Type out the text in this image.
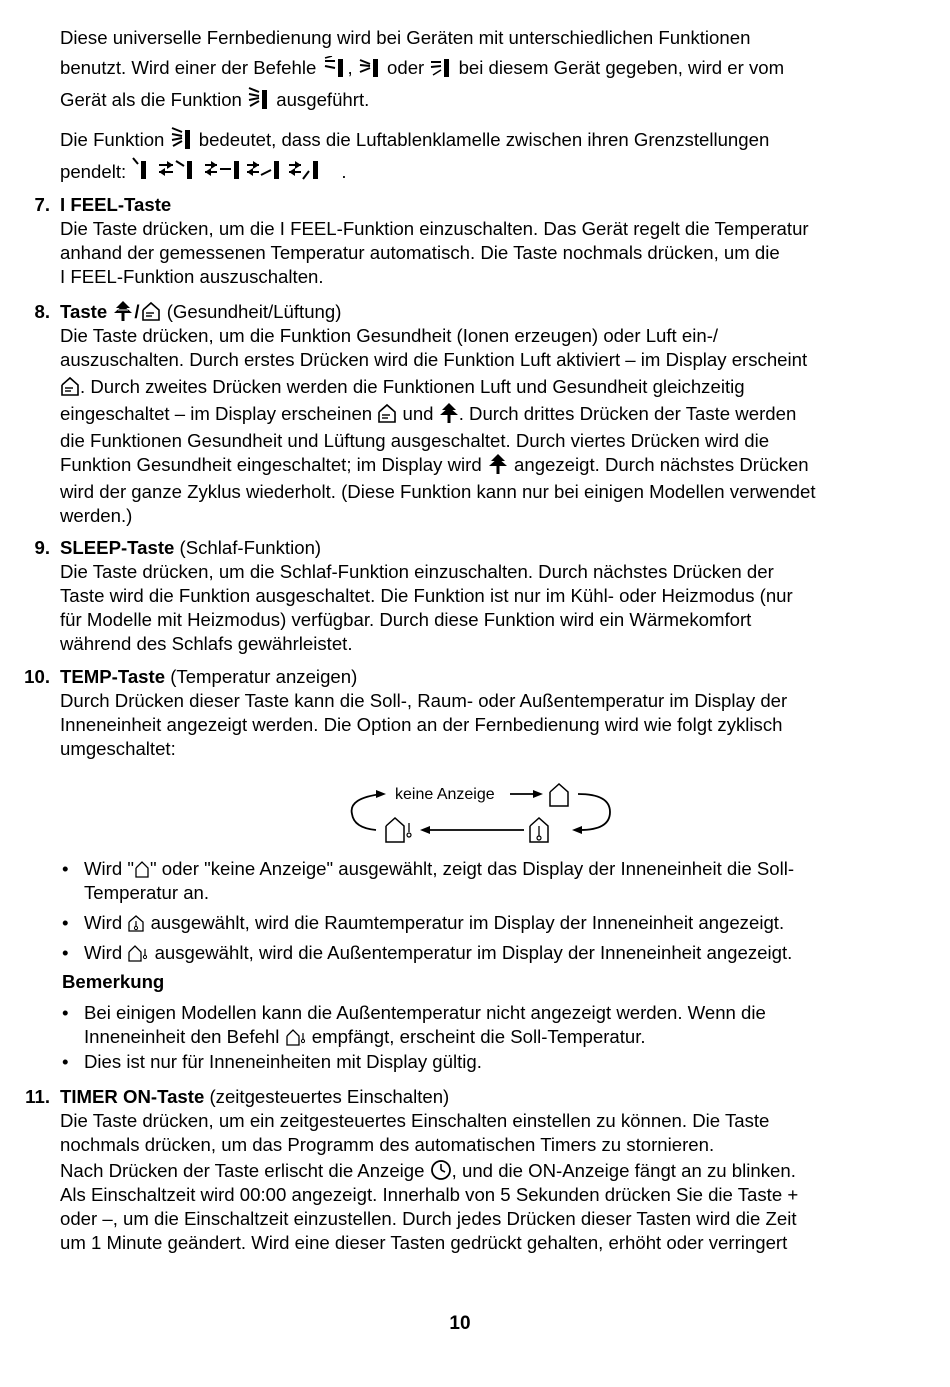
Diese universelle Fernbedienung wird bei Geräten mit unterschiedlichen Funktionen

benutzt. Wird einer der Befehle , oder bei diesem Gerät gegeben, wird er vom

Gerät als die Funktion ausgeführt.

Die Funktion bedeutet, dass die Luftablenklamelle zwischen ihren Grenzstellungen

pendelt:	.

7. I FEEL-Taste

Die Taste drücken, um die I FEEL-Funktion einzuschalten. Das Gerät regelt die Temperatur

anhand der gemessenen Temperatur automatisch. Die Taste nochmals drücken, um die

I FEEL-Funktion auszuschalten.

8. Taste / (Gesundheit/Lüftung)

Die Taste drücken, um die Funktion Gesundheit (Ionen erzeugen) oder Luft ein-/

auszuschalten. Durch erstes Drücken wird die Funktion Luft aktiviert – im Display erscheint

. Durch zweites Drücken werden die Funktionen Luft und Gesundheit gleichzeitig

eingeschaltet – im Display erscheinen und . Durch drittes Drücken der Taste werden

die Funktionen Gesundheit und Lüftung ausgeschaltet. Durch viertes Drücken wird die

Funktion Gesundheit eingeschaltet; im Display wird angezeigt. Durch nächstes Drücken

wird der ganze Zyklus wiederholt. (Diese Funktion kann nur bei einigen Modellen verwendet

werden.)

9. SLEEP-Taste (Schlaf-Funktion)

Die Taste drücken, um die Schlaf-Funktion einzuschalten. Durch nächstes Drücken der

Taste wird die Funktion ausgeschaltet. Die Funktion ist nur im Kühl- oder Heizmodus (nur

für Modelle mit Heizmodus) verfügbar. Durch diese Funktion wird ein Wärmekomfort

während des Schlafs gewährleistet.

10. TEMP-Taste (Temperatur anzeigen)

Durch Drücken dieser Taste kann die Soll-, Raum- oder Außentemperatur im Display der

Inneneinheit angezeigt werden. Die Option an der Fernbedienung wird wie folgt zyklisch

umgeschaltet:

keine Anzeige
• Wird " " oder "keine Anzeige" ausgewählt, zeigt das Display der Inneneinheit die Soll-

Temperatur an.

• Wird ausgewählt, wird die Raumtemperatur im Display der Inneneinheit angezeigt.

• Wird ausgewählt, wird die Außentemperatur im Display der Inneneinheit angezeigt.

Bemerkung

• Bei einigen Modellen kann die Außentemperatur nicht angezeigt werden. Wenn die

Inneneinheit den Befehl empfängt, erscheint die Soll-Temperatur.

• Dies ist nur für Inneneinheiten mit Display gültig.

11. TIMER ON-Taste (zeitgesteuertes Einschalten)

Die Taste drücken, um ein zeitgesteuertes Einschalten einstellen zu können. Die Taste

nochmals drücken, um das Programm des automatischen Timers zu stornieren.

Nach Drücken der Taste erlischt die Anzeige , und die ON-Anzeige fängt an zu blinken.

Als Einschaltzeit wird 00:00 angezeigt. Innerhalb von 5 Sekunden drücken Sie die Taste +

oder –, um die Einschaltzeit einzustellen. Durch jedes Drücken dieser Tasten wird die Zeit

um 1 Minute geändert. Wird eine dieser Tasten gedrückt gehalten, erhöht oder verringert

10
